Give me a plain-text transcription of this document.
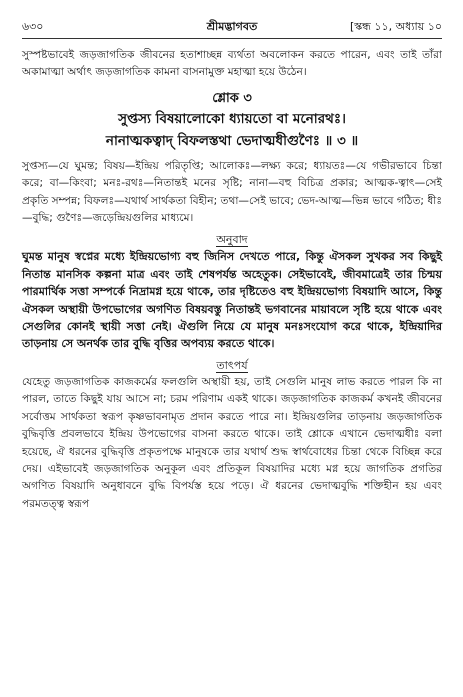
৬৩০	শ্রীমদ্ভাগবত	[স্কন্ধ ১১, অধ্যায় ১০

সুস্পষ্টভাবেই জড়জাগতিক জীবনের হতাশাচ্ছন্ন ব্যর্থতা অবলোকন করতে পারেন, এবং তাই তাঁরা অকামাত্মা অর্থাৎ জড়জাগতিক কামনা বাসনামুক্ত মহাত্মা হয়ে উঠেন।

শ্লোক ৩
সুপ্তস্য বিষয়ালোকো ধ্যায়তো বা মনোরথঃ।
নানাত্মকত্বাদ্ বিফলস্তথা ভেদাত্মধীগুণৈঃ ॥ ৩ ॥

সুপ্তস্য—যে ঘুমন্ত; বিষয়—ইন্দ্রিয় পরিতৃপ্তি; আলোকঃ—লক্ষ্য করে; ধ্যায়তঃ—যে গভীরভাবে চিন্তা করে; বা—কিংবা; মনঃ-রথঃ—নিতান্তই মনের সৃষ্টি; নানা—বহু বিচিত্র প্রকার; আত্মক-ত্বাৎ—সেই প্রকৃতি সম্পন্ন; বিফলঃ—যথার্থ সার্থকতা বিহীন; তথা—সেই ভাবে; ভেদ-আত্ম—ভিন্ন ভাবে গঠিত; ধীঃ—বুদ্ধি; গুণৈঃ—জড়েন্দ্রিয়গুলির মাধ্যমে।

অনুবাদ

ঘুমন্ত মানুষ স্বপ্নের মধ্যে ইন্দ্রিয়ভোগ্য বহু জিনিস দেখতে পারে, কিন্তু ঐসকল সুখকর সব কিছুই নিতান্ত মানসিক কল্পনা মাত্র এবং তাই শেষপর্যন্ত অহেতুক। সেইভাবেই, জীবমাত্রেই তার চিন্ময় পারমার্থিক সত্তা সম্পর্কে নিদ্রামগ্ন হয়ে থাকে, তার দৃষ্টিতেও বহু ইন্দ্রিয়ভোগ্য বিষয়াদি আসে, কিন্তু ঐসকল অস্থায়ী উপভোগের অগণিত বিষয়বস্তু নিতান্তই ভগবানের মায়াবলে সৃষ্টি হয়ে থাকে এবং সেগুলির কোনই স্থায়ী সত্তা নেই। ঐগুলি নিয়ে যে মানুষ মনঃসংযোগ করে থাকে, ইন্দ্রিয়াদির তাড়নায় সে অনর্থক তার বুদ্ধি বৃত্তির অপব্যয় করতে থাকে।

তাৎপর্য

যেহেতু জড়জাগতিক কাজকর্মের ফলগুলি অস্থায়ী হয়, তাই সেগুলি মানুষ লাভ করতে পারল কি না পারল, তাতে কিছুই যায় আসে না; চরম পরিণাম একই থাকে। জড়জাগতিক কাজকর্ম কখনই জীবনের সর্বোত্তম সার্থকতা স্বরূপ কৃষ্ণভাবনামৃত প্রদান করতে পারে না। ইন্দ্রিয়গুলির তাড়নায় জড়জাগতিক বুদ্ধিবৃত্তি প্রবলভাবে ইন্দ্রিয় উপভোগের বাসনা করতে থাকে। তাই শ্লোকে এখানে ভেদাত্মধীঃ বলা হয়েছে, ঐ ধরনের বুদ্ধিবৃত্তি প্রকৃতপক্ষে মানুষকে তার যথার্থ শুদ্ধ স্বার্থবোধের চিন্তা থেকে বিচ্ছিন্ন করে দেয়। এইভাবেই জড়জাগতিক অনুকূল এবং প্রতিকূল বিষয়াদির মধ্যে মগ্ন হয়ে জাগতিক প্রগতির অগণিত বিষয়াদি অনুধাবনে বুদ্ধি বিপর্যস্ত হয়ে পড়ে। ঐ ধরনের ভেদাত্মবুদ্ধি শক্তিহীন হয় এবং পরমতত্ত্ব স্বরূপ
